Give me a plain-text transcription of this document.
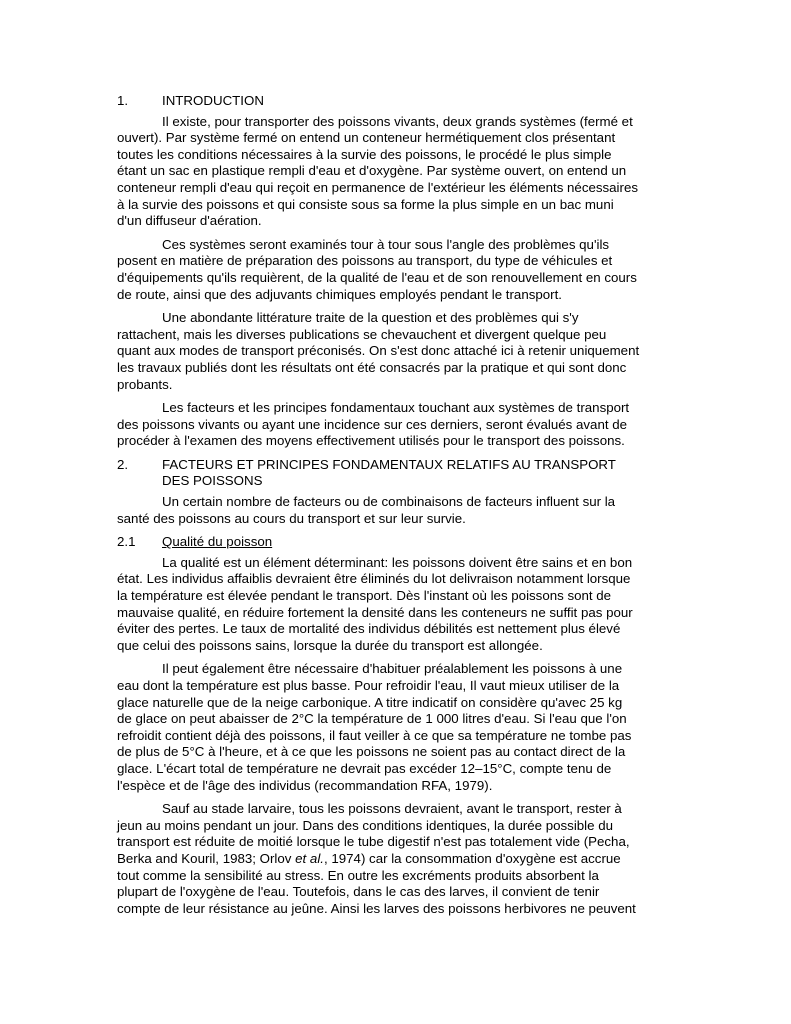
1.	INTRODUCTION

Il existe, pour transporter des poissons vivants, deux grands systèmes (fermé et
ouvert). Par système fermé on entend un conteneur hermétiquement clos présentant
toutes les conditions nécessaires à la survie des poissons, le procédé le plus simple
étant un sac en plastique rempli d'eau et d'oxygène. Par système ouvert, on entend un
conteneur rempli d'eau qui reçoit en permanence de l'extérieur les éléments nécessaires
à la survie des poissons et qui consiste sous sa forme la plus simple en un bac muni
d'un diffuseur d'aération.

Ces systèmes seront examinés tour à tour sous l'angle des problèmes qu'ils
posent en matière de préparation des poissons au transport, du type de véhicules et
d'équipements qu'ils requièrent, de la qualité de l'eau et de son renouvellement en cours
de route, ainsi que des adjuvants chimiques employés pendant le transport.

Une abondante littérature traite de la question et des problèmes qui s'y
rattachent, mais les diverses publications se chevauchent et divergent quelque peu
quant aux modes de transport préconisés. On s'est donc attaché ici à retenir uniquement
les travaux publiés dont les résultats ont été consacrés par la pratique et qui sont donc
probants.

Les facteurs et les principes fondamentaux touchant aux systèmes de transport
des poissons vivants ou ayant une incidence sur ces derniers, seront évalués avant de
procéder à l'examen des moyens effectivement utilisés pour le transport des poissons.

2.	FACTEURS ET PRINCIPES FONDAMENTAUX RELATIFS AU TRANSPORT
DES POISSONS

Un certain nombre de facteurs ou de combinaisons de facteurs influent sur la
santé des poissons au cours du transport et sur leur survie.

2.1	Qualité du poisson

La qualité est un élément déterminant: les poissons doivent être sains et en bon
état. Les individus affaiblis devraient être éliminés du lot delivraison notamment lorsque
la température est élevée pendant le transport. Dès l'instant où les poissons sont de
mauvaise qualité, en réduire fortement la densité dans les conteneurs ne suffit pas pour
éviter des pertes. Le taux de mortalité des individus débilités est nettement plus élevé
que celui des poissons sains, lorsque la durée du transport est allongée.

Il peut également être nécessaire d'habituer préalablement les poissons à une
eau dont la température est plus basse. Pour refroidir l'eau, Il vaut mieux utiliser de la
glace naturelle que de la neige carbonique. A titre indicatif on considère qu'avec 25 kg
de glace on peut abaisser de 2°C la température de 1 000 litres d'eau. Si l'eau que l'on
refroidit contient déjà des poissons, il faut veiller à ce que sa température ne tombe pas
de plus de 5°C à l'heure, et à ce que les poissons ne soient pas au contact direct de la
glace. L'écart total de température ne devrait pas excéder 12–15°C, compte tenu de
l'espèce et de l'âge des individus (recommandation RFA, 1979).

Sauf au stade larvaire, tous les poissons devraient, avant le transport, rester à
jeun au moins pendant un jour. Dans des conditions identiques, la durée possible du
transport est réduite de moitié lorsque le tube digestif n'est pas totalement vide (Pecha,
Berka and Kouril, 1983; Orlov et al., 1974) car la consommation d'oxygène est accrue
tout comme la sensibilité au stress. En outre les excréments produits absorbent la
plupart de l'oxygène de l'eau. Toutefois, dans le cas des larves, il convient de tenir
compte de leur résistance au jeûne. Ainsi les larves des poissons herbivores ne peuvent
